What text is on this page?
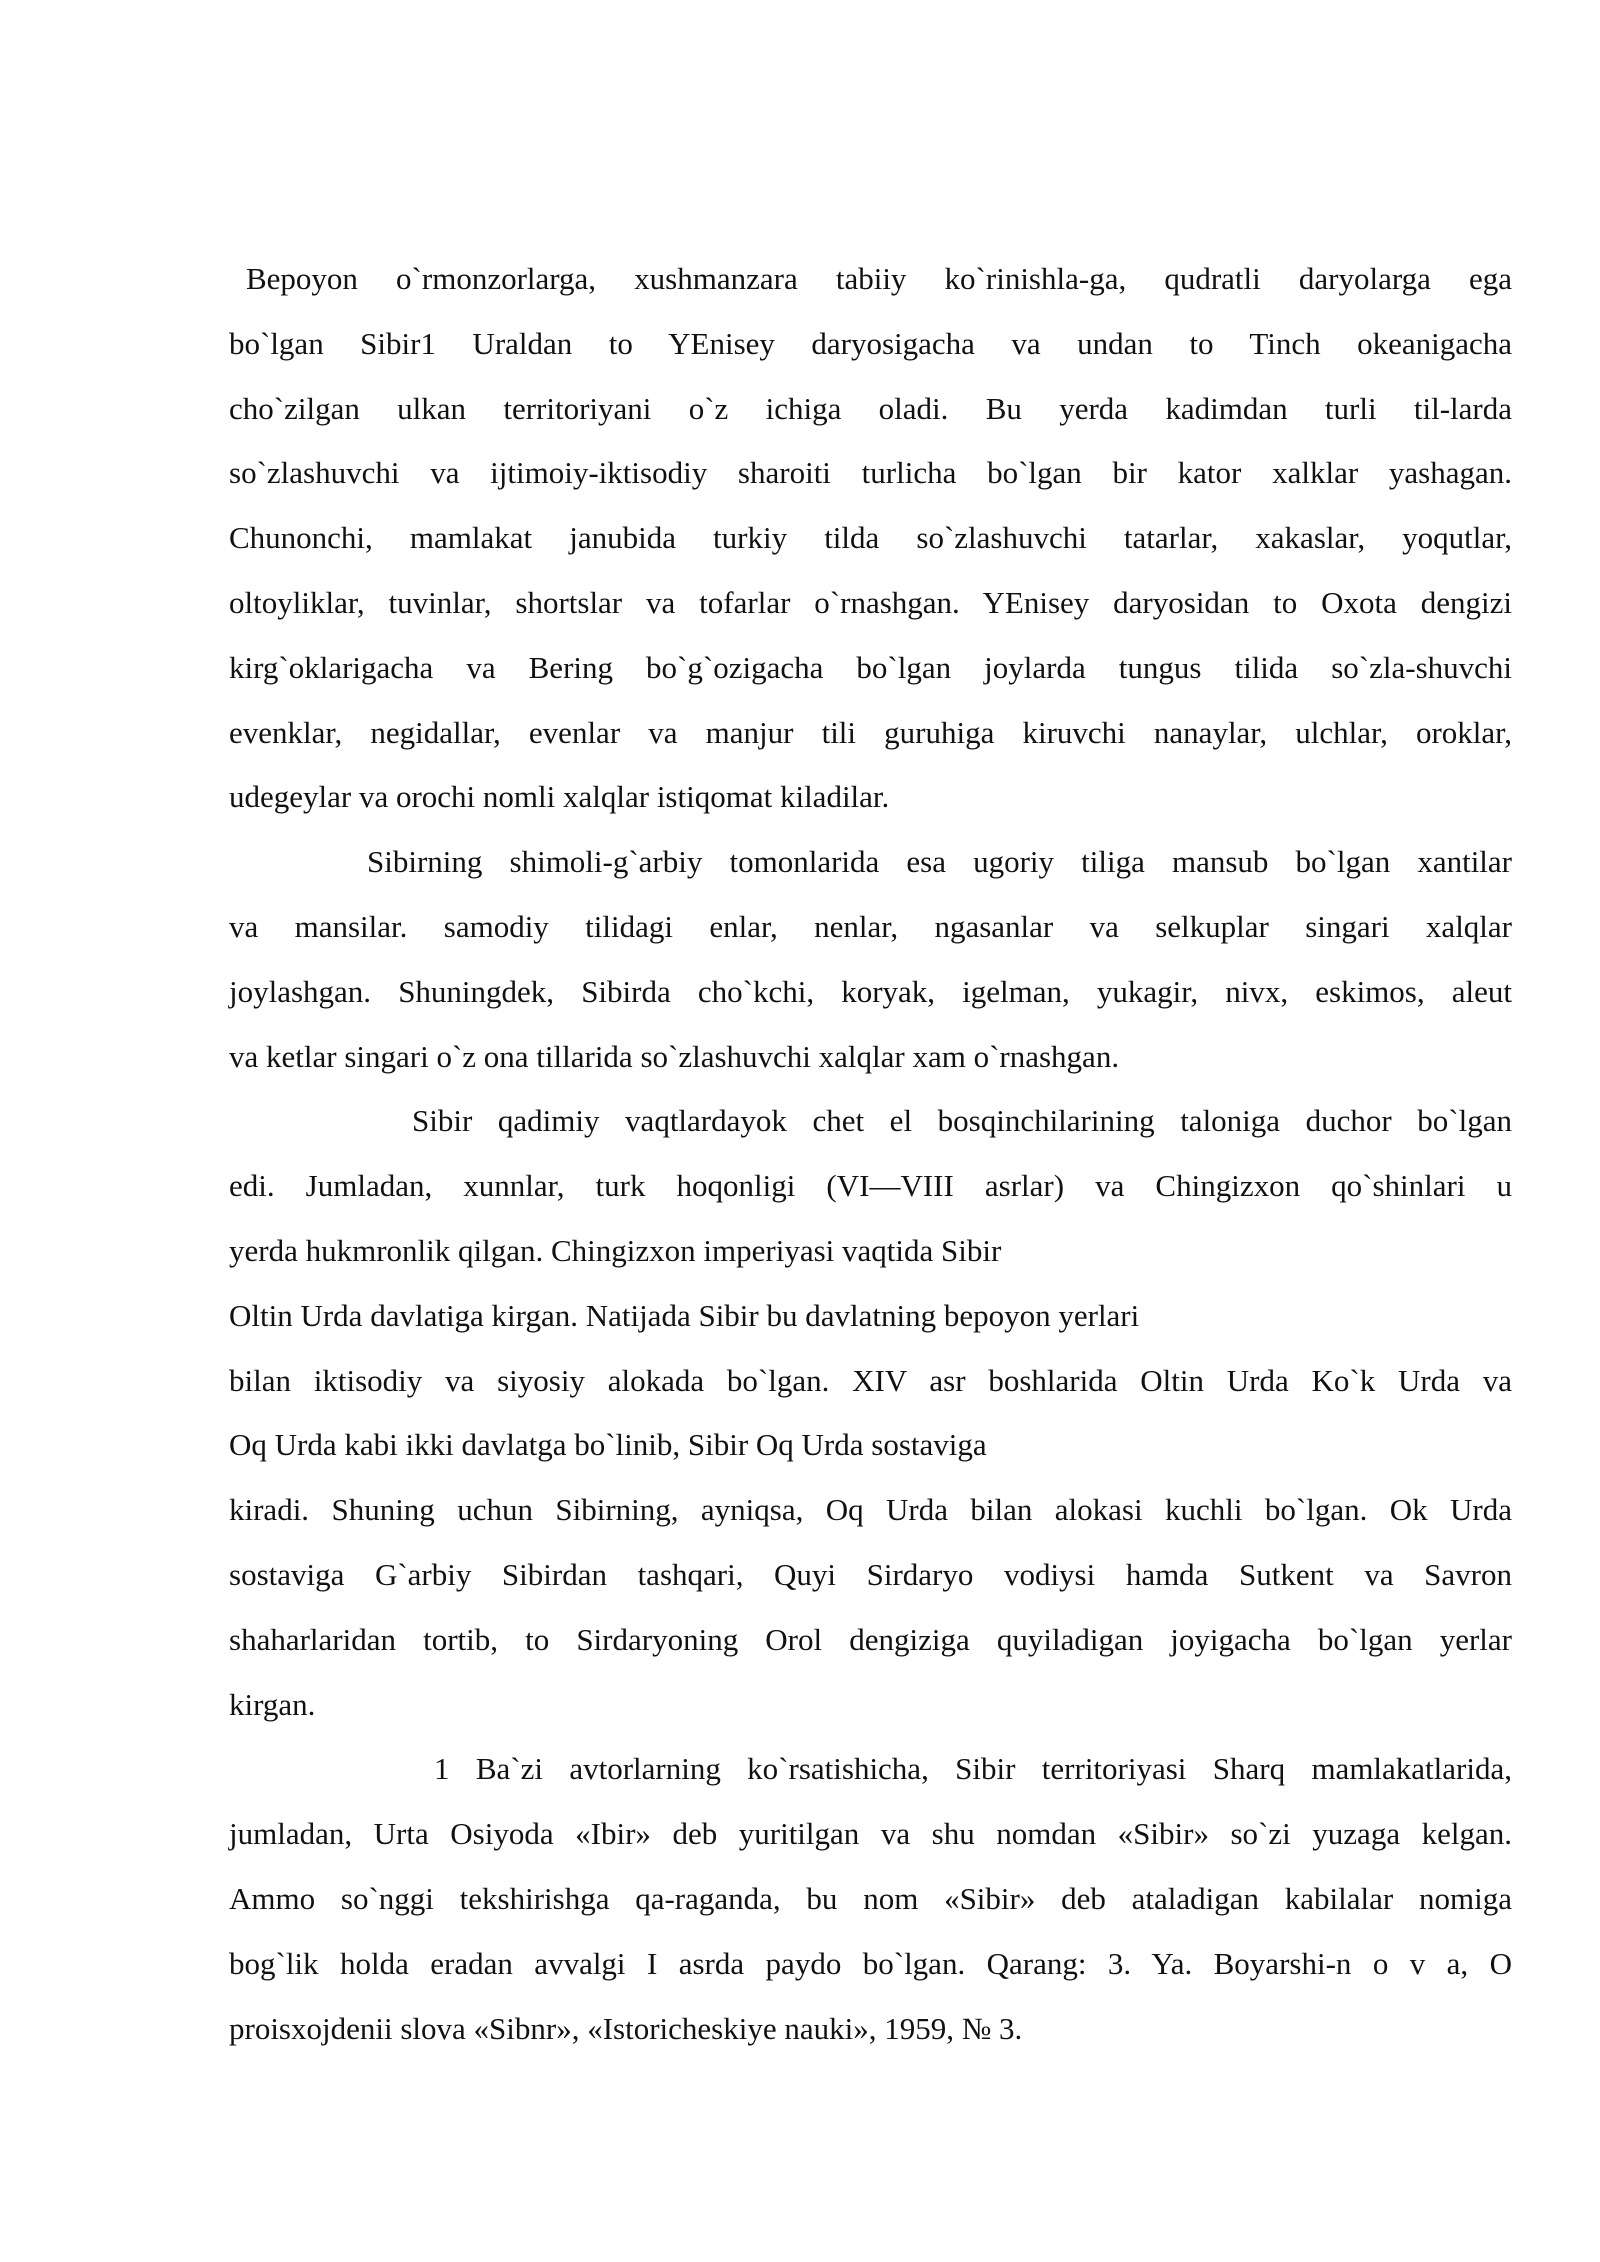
Bepoyon o`rmonzorlarga, xushmanzara tabiiy ko`rinishla-ga, qudratli daryolarga ega
bo`lgan Sibir1 Uraldan to YEnisey daryosigacha va undan to Tinch okeanigacha
cho`zilgan ulkan territoriyani o`z ichiga oladi. Bu yerda kadimdan turli til-larda
so`zlashuvchi va ijtimoiy-iktisodiy sharoiti turlicha bo`lgan bir kator xalklar yashagan.
Chunonchi, mamlakat janubida turkiy tilda so`zlashuvchi tatarlar, xakaslar, yoqutlar,
oltoyliklar, tuvinlar, shortslar va tofarlar o`rnashgan. YEnisey daryosidan to Oxota dengizi
kirg`oklarigacha va Bering bo`g`ozigacha bo`lgan joylarda tungus tilida so`zla-shuvchi
evenklar, negidallar, evenlar va manjur tili guruhiga kiruvchi nanaylar, ulchlar, oroklar,
udegeylar va orochi nomli xalqlar istiqomat kiladilar.
Sibirning shimoli-g`arbiy tomonlarida esa ugoriy tiliga mansub bo`lgan xantilar
va mansilar. samodiy tilidagi enlar, nenlar, ngasanlar va selkuplar singari xalqlar
joylashgan. Shuningdek, Sibirda cho`kchi, koryak, igelman, yukagir, nivx, eskimos, aleut
va ketlar singari o`z ona tillarida so`zlashuvchi xalqlar xam o`rnashgan.
Sibir qadimiy vaqtlardayok chet el bosqinchilarining taloniga duchor bo`lgan
edi. Jumladan, xunnlar, turk hoqonligi (VI—VIII asrlar) va Chingizxon qo`shinlari u
yerda hukmronlik qilgan. Chingizxon imperiyasi vaqtida Sibir
Oltin Urda davlatiga kirgan. Natijada Sibir bu davlatning bepoyon yerlari
bilan iktisodiy va siyosiy alokada bo`lgan. XIV asr boshlarida Oltin Urda Ko`k Urda va
Oq Urda kabi ikki davlatga bo`linib, Sibir Oq Urda sostaviga
kiradi. Shuning uchun Sibirning, ayniqsa, Oq Urda bilan alokasi kuchli bo`lgan. Ok Urda
sostaviga G`arbiy Sibirdan tashqari, Quyi Sirdaryo vodiysi hamda Sutkent va Savron
shaharlaridan tortib, to Sirdaryoning Orol dengiziga quyiladigan joyigacha bo`lgan yerlar
kirgan.
1 Ba`zi avtorlarning ko`rsatishicha, Sibir territoriyasi Sharq mamlakatlarida,
jumladan, Urta Osiyoda «Ibir» deb yuritilgan va shu nomdan «Sibir» so`zi yuzaga kelgan.
Ammo so`nggi tekshirishga qa-raganda, bu nom «Sibir» deb ataladigan kabilalar nomiga
bog`lik holda eradan avvalgi I asrda paydo bo`lgan. Qarang: 3. Ya. Boyarshi-n o v a, O
proisxojdenii slova «Sibnr», «Istoricheskiye nauki», 1959, № 3.
